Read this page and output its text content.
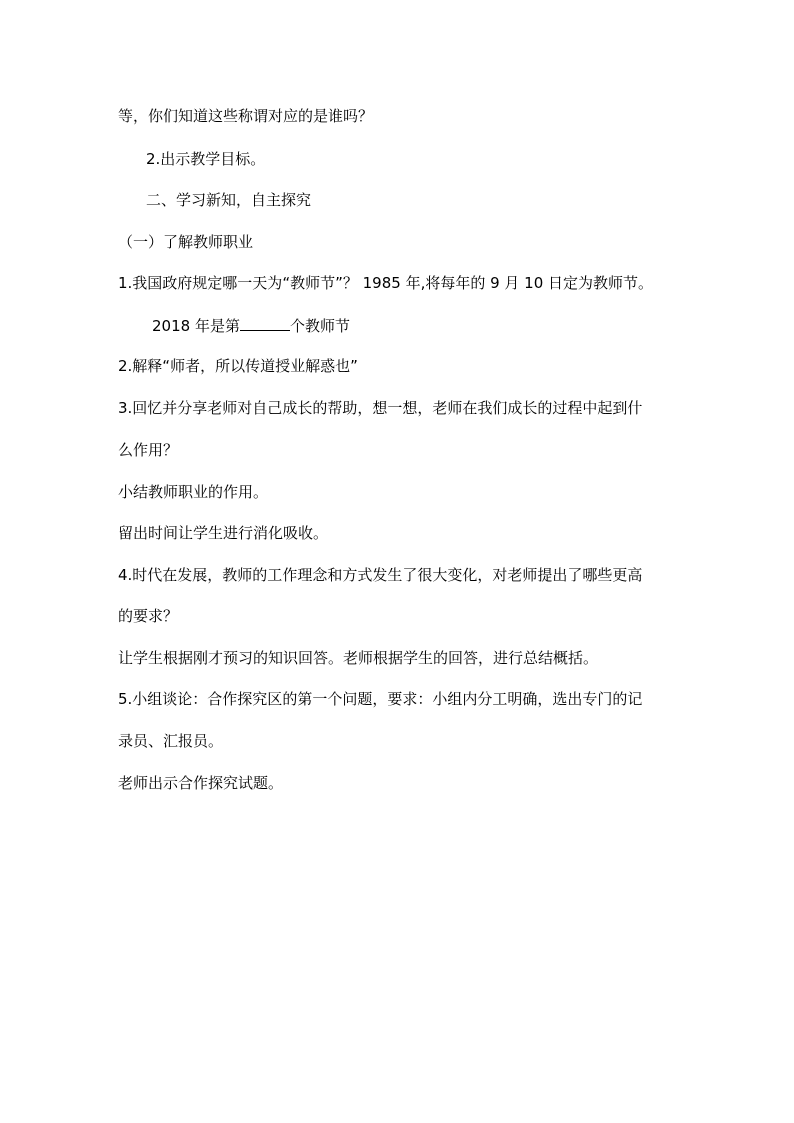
等，你们知道这些称谓对应的是谁吗？
2.出示教学目标。
二、学习新知，自主探究
（一）了解教师职业
1.我国政府规定哪一天为“教师节”？ 1985 年,将每年的 9 月 10 日定为教师节。
2018 年是第	个教师节
2.解释“师者，所以传道授业解惑也”
3.回忆并分享老师对自己成长的帮助，想一想，老师在我们成长的过程中起到什
么作用？
小结教师职业的作用。
留出时间让学生进行消化吸收。
4.时代在发展，教师的工作理念和方式发生了很大变化，对老师提出了哪些更高
的要求？
让学生根据刚才预习的知识回答。老师根据学生的回答，进行总结概括。
5.小组谈论：合作探究区的第一个问题，要求：小组内分工明确，选出专门的记
录员、汇报员。
老师出示合作探究试题。
